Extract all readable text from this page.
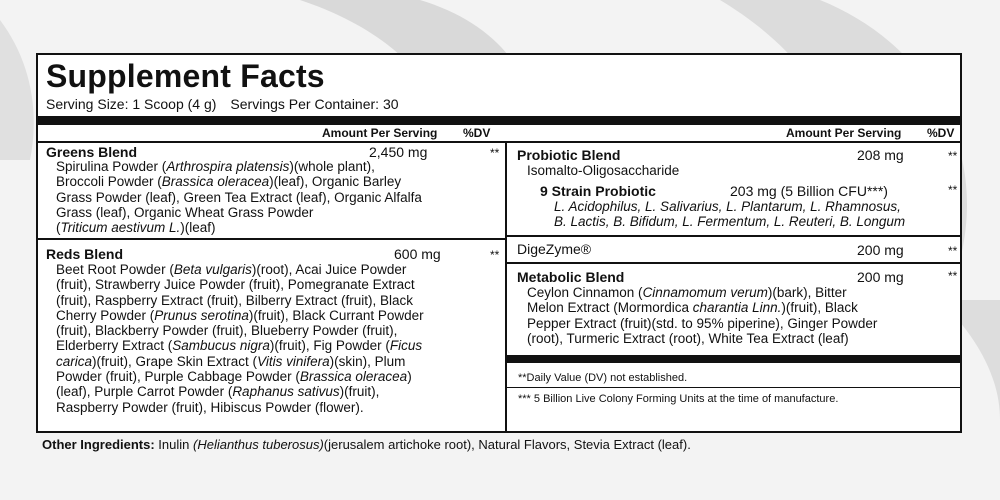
Supplement Facts
Serving Size: 1 Scoop (4 g) Servings Per Container: 30
Amount Per Serving %DV	Amount Per Serving %DV
Greens Blend	2,450 mg	**
Spirulina Powder (Arthrospira platensis)(whole plant),
Broccoli Powder (Brassica oleracea)(leaf), Organic Barley
Grass Powder (leaf), Green Tea Extract (leaf), Organic Alfalfa
Grass (leaf), Organic Wheat Grass Powder
(Triticum aestivum L.)(leaf)
Reds Blend	600 mg	**
Beet Root Powder (Beta vulgaris)(root), Acai Juice Powder
(fruit), Strawberry Juice Powder (fruit), Pomegranate Extract
(fruit), Raspberry Extract (fruit), Bilberry Extract (fruit), Black
Cherry Powder (Prunus serotina)(fruit), Black Currant Powder
(fruit), Blackberry Powder (fruit), Blueberry Powder (fruit),
Elderberry Extract (Sambucus nigra)(fruit), Fig Powder (Ficus
carica)(fruit), Grape Skin Extract (Vitis vinifera)(skin), Plum
Powder (fruit), Purple Cabbage Powder (Brassica oleracea)
(leaf), Purple Carrot Powder (Raphanus sativus)(fruit),
Raspberry Powder (fruit), Hibiscus Powder (flower).
Probiotic Blend	208 mg	**
Isomalto-Oligosaccharide
9 Strain Probiotic	203 mg (5 Billion CFU***)	**
L. Acidophilus, L. Salivarius, L. Plantarum, L. Rhamnosus,
B. Lactis, B. Bifidum, L. Fermentum, L. Reuteri, B. Longum
DigeZyme®	200 mg	**
Metabolic Blend	200 mg	**
Ceylon Cinnamon (Cinnamomum verum)(bark), Bitter
Melon Extract (Mormordica charantia Linn.)(fruit), Black
Pepper Extract (fruit)(std. to 95% piperine), Ginger Powder
(root), Turmeric Extract (root), White Tea Extract (leaf)
**Daily Value (DV) not established.
*** 5 Billion Live Colony Forming Units at the time of manufacture.
Other Ingredients: Inulin (Helianthus tuberosus)(jerusalem artichoke root), Natural Flavors, Stevia Extract (leaf).
